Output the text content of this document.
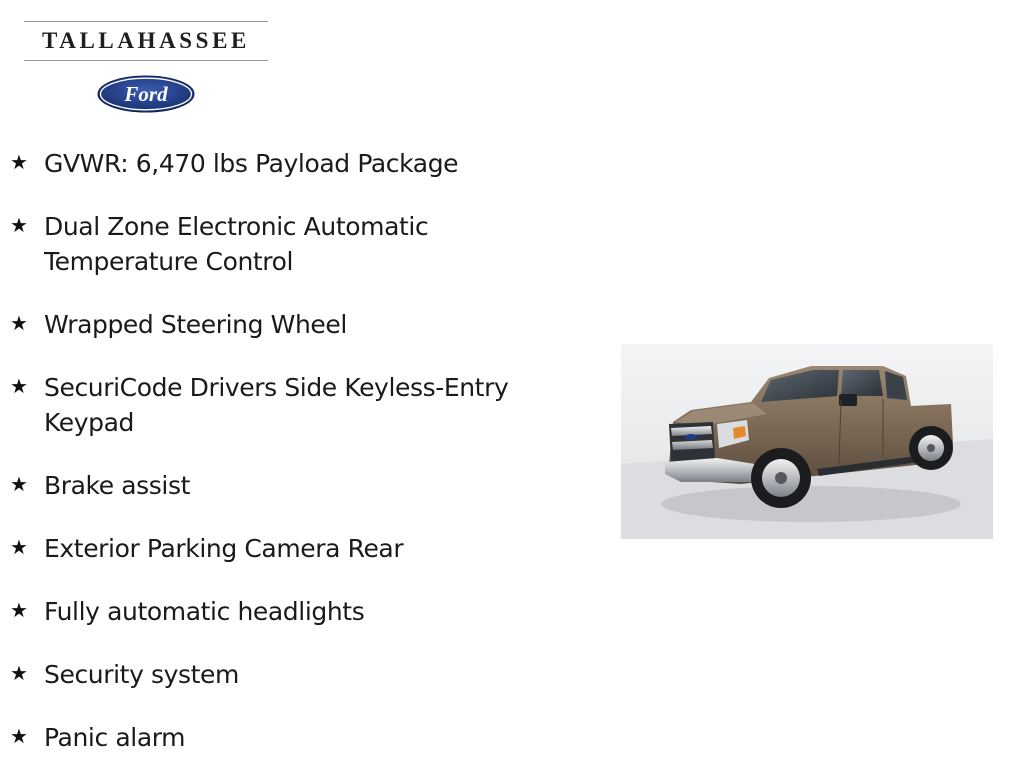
TALLAHASSEE
Ford
★ GVWR: 6,470 lbs Payload Package
★ Dual Zone Electronic Automatic Temperature Control
★ Wrapped Steering Wheel
★ SecuriCode Drivers Side Keyless-Entry Keypad
★ Brake assist
★ Exterior Parking Camera Rear
★ Fully automatic headlights
★ Security system
★ Panic alarm
